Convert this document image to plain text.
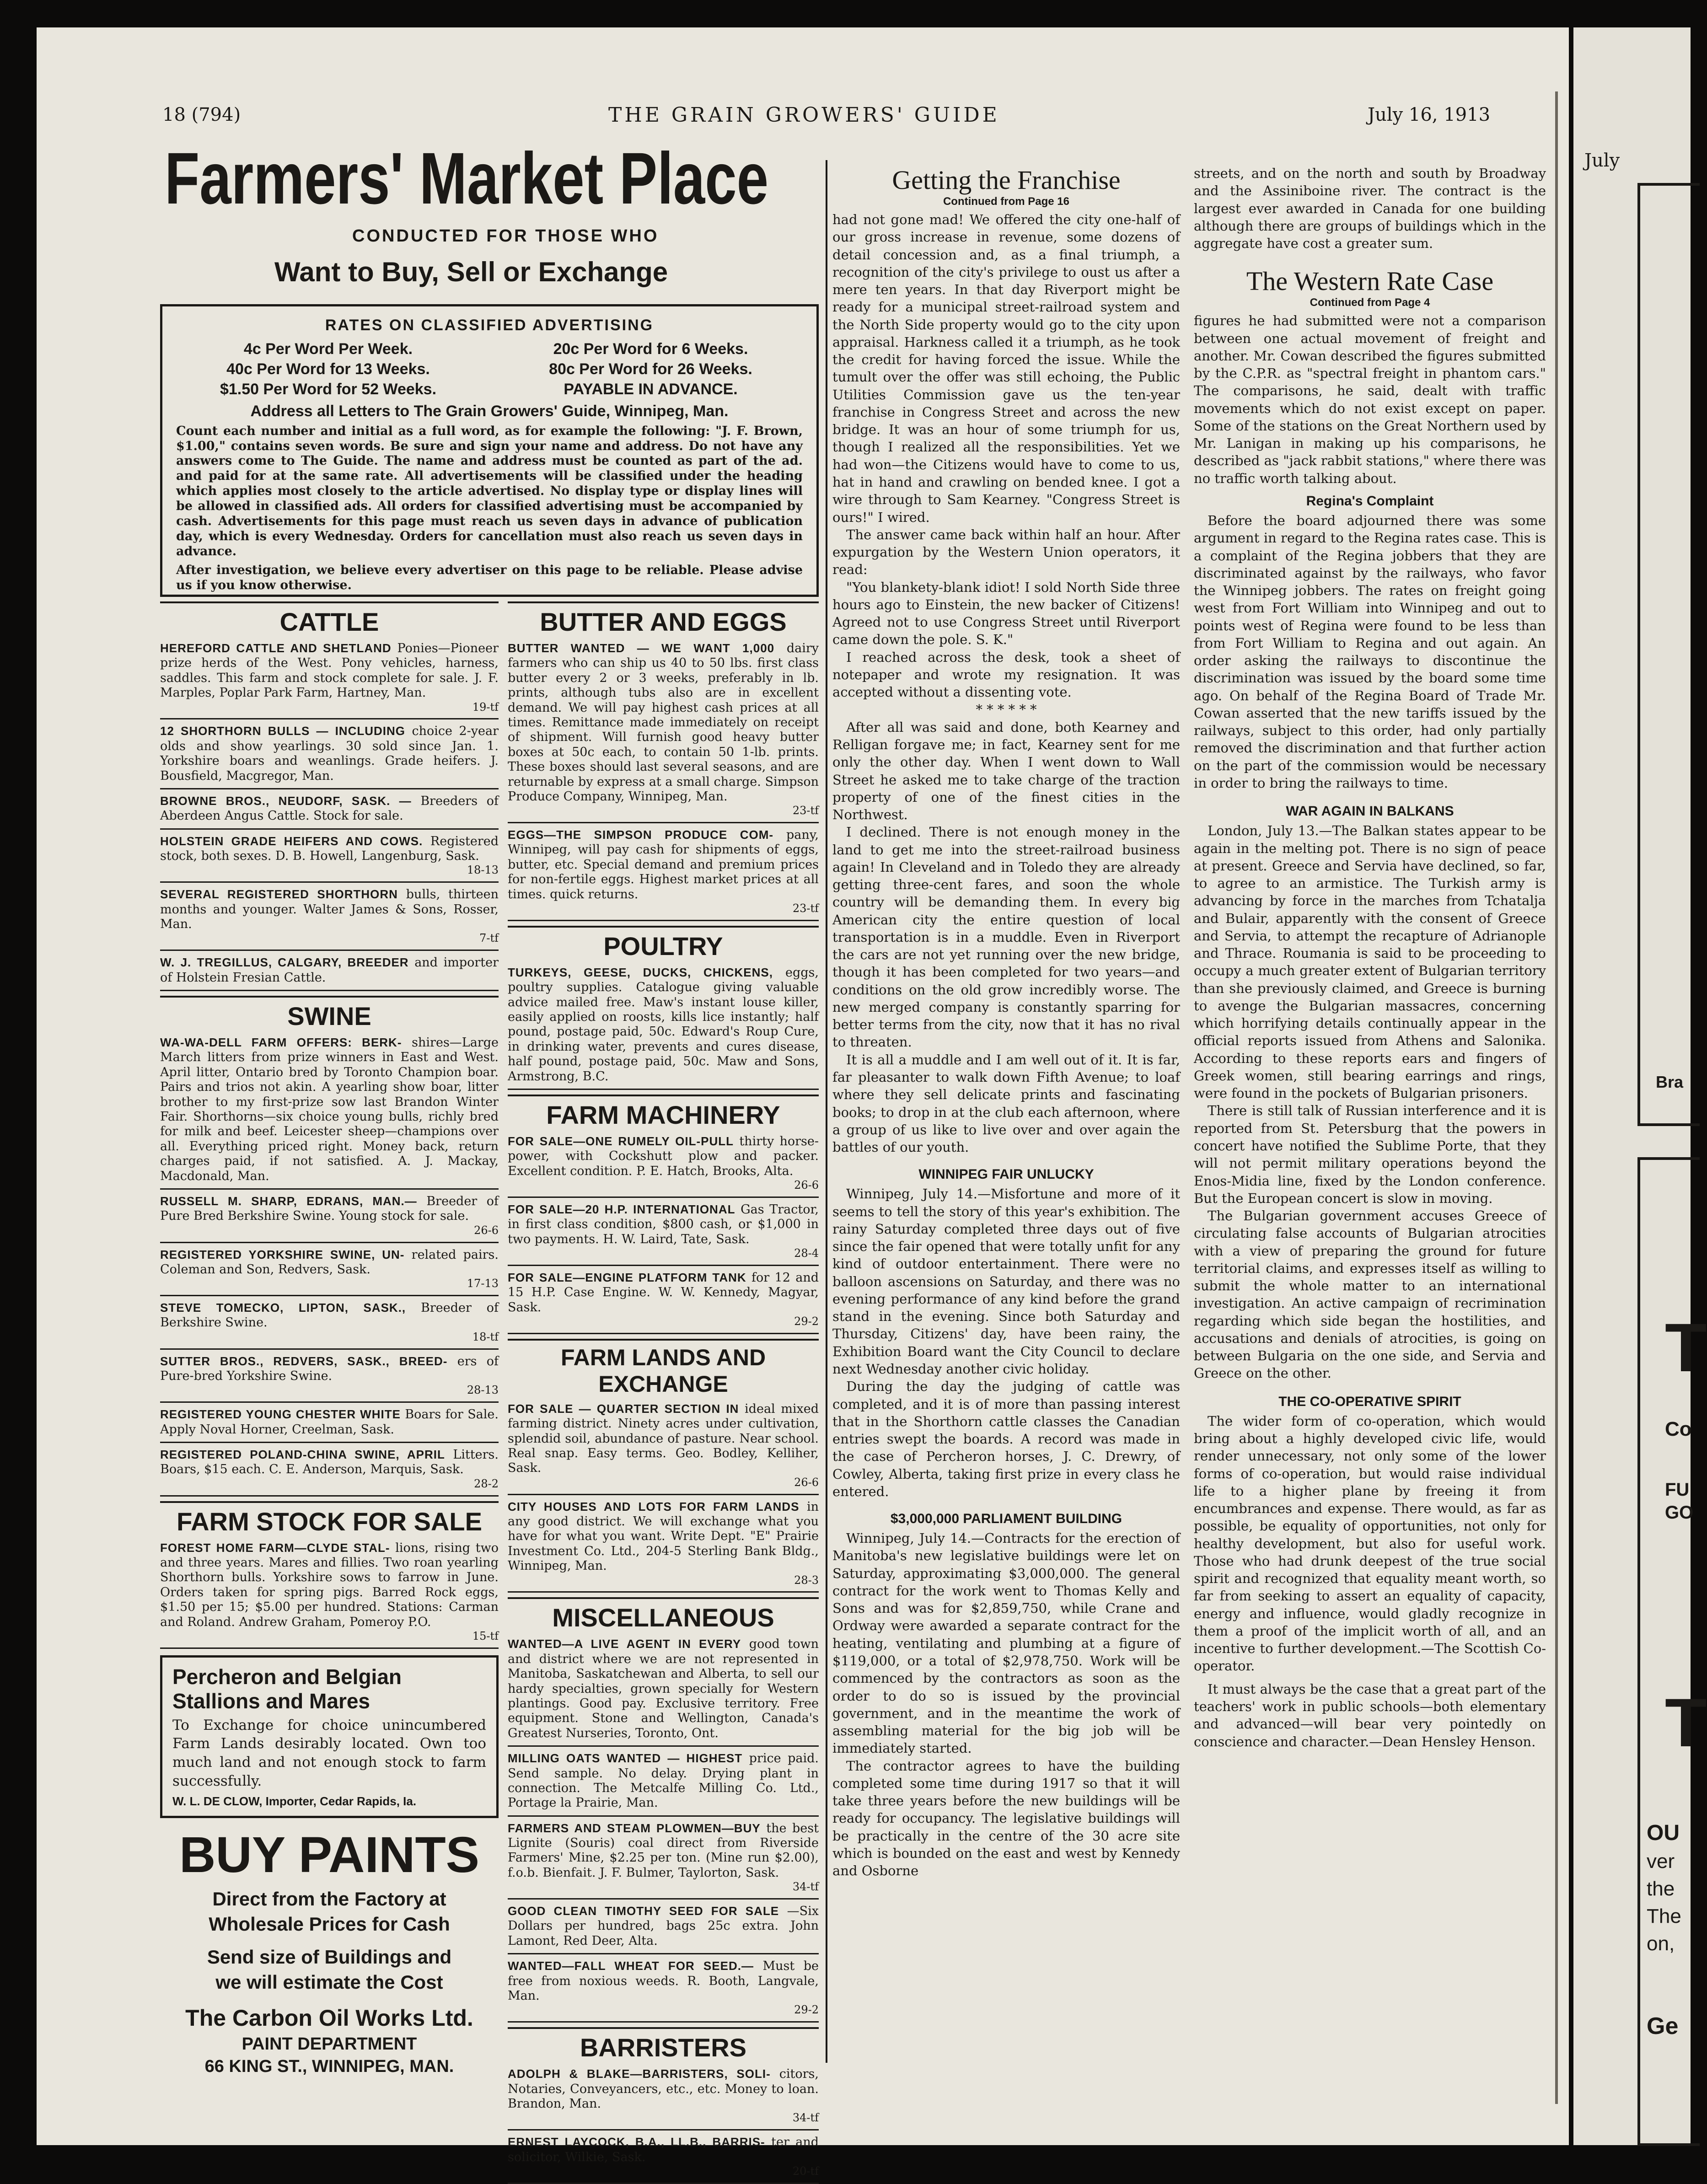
18 (794)	THE GRAIN GROWERS' GUIDE	July 16, 1913
Farmers' Market Place
CONDUCTED FOR THOSE WHO
Want to Buy, Sell or Exchange
RATES ON CLASSIFIED ADVERTISING
4c Per Word Per Week.	20c Per Word for 6 Weeks.
40c Per Word for 13 Weeks.	80c Per Word for 26 Weeks.
$1.50 Per Word for 52 Weeks.	PAYABLE IN ADVANCE.
Address all Letters to The Grain Growers' Guide, Winnipeg, Man.
Count each number and initial as a full word, as for example the following: "J. F. Brown, $1.00," contains seven words. Be sure and sign your name and address. Do not have any answers come to The Guide. The name and address must be counted as part of the ad. and paid for at the same rate. All advertisements will be classified under the heading which applies most closely to the article advertised. No display type or display lines will be allowed in classified ads. All orders for classified advertising must be accompanied by cash. Advertisements for this page must reach us seven days in advance of publication day, which is every Wednesday. Orders for cancellation must also reach us seven days in advance.
After investigation, we believe every advertiser on this page to be reliable. Please advise us if you know otherwise.
CATTLE
HEREFORD CATTLE AND SHETLAND Ponies—Pioneer prize herds of the West. Pony vehicles, harness, saddles. This farm and stock complete for sale. J. F. Marples, Poplar Park Farm, Hartney, Man.
19-tf
12 SHORTHORN BULLS — INCLUDING choice 2-year olds and show yearlings. 30 sold since Jan. 1. Yorkshire boars and weanlings. Grade heifers. J. Bousfield, Macgregor, Man.
BROWNE BROS., NEUDORF, SASK. — Breeders of Aberdeen Angus Cattle. Stock for sale.
HOLSTEIN GRADE HEIFERS AND COWS. Registered stock, both sexes. D. B. Howell, Langenburg, Sask.
18-13
SEVERAL REGISTERED SHORTHORN bulls, thirteen months and younger. Walter James & Sons, Rosser, Man.
7-tf
W. J. TREGILLUS, CALGARY, BREEDER and importer of Holstein Fresian Cattle.
SWINE
WA-WA-DELL FARM OFFERS: BERK- shires—Large March litters from prize winners in East and West. April litter, Ontario bred by Toronto Champion boar. Pairs and trios not akin. A yearling show boar, litter brother to my first-prize sow last Brandon Winter Fair. Shorthorns—six choice young bulls, richly bred for milk and beef. Leicester sheep—champions over all. Everything priced right. Money back, return charges paid, if not satisfied. A. J. Mackay, Macdonald, Man.
RUSSELL M. SHARP, EDRANS, MAN.— Breeder of Pure Bred Berkshire Swine. Young stock for sale.
26-6
REGISTERED YORKSHIRE SWINE, UN- related pairs. Coleman and Son, Redvers, Sask.
17-13
STEVE TOMECKO, LIPTON, SASK., Breeder of Berkshire Swine.
18-tf
SUTTER BROS., REDVERS, SASK., BREED- ers of Pure-bred Yorkshire Swine.
28-13
REGISTERED YOUNG CHESTER WHITE Boars for Sale. Apply Noval Horner, Creelman, Sask.
REGISTERED POLAND-CHINA SWINE, APRIL Litters. Boars, $15 each. C. E. Anderson, Marquis, Sask.
28-2
FARM STOCK FOR SALE
FOREST HOME FARM—CLYDE STAL- lions, rising two and three years. Mares and fillies. Two roan yearling Shorthorn bulls. Yorkshire sows to farrow in June. Orders taken for spring pigs. Barred Rock eggs, $1.50 per 15; $5.00 per hundred. Stations: Carman and Roland. Andrew Graham, Pomeroy P.O.
15-tf
Percheron and Belgian Stallions and Mares
To Exchange for choice unincumbered Farm Lands desirably located. Own too much land and not enough stock to farm successfully.
W. L. DE CLOW, Importer, Cedar Rapids, Ia.
BUY PAINTS
Direct from the Factory at
Wholesale Prices for Cash
Send size of Buildings and
we will estimate the Cost
The Carbon Oil Works Ltd.
PAINT DEPARTMENT
66 KING ST., WINNIPEG, MAN.
BUTTER AND EGGS
BUTTER WANTED — WE WANT 1,000 dairy farmers who can ship us 40 to 50 lbs. first class butter every 2 or 3 weeks, preferably in lb. prints, although tubs also are in excellent demand. We will pay highest cash prices at all times. Remittance made immediately on receipt of shipment. Will furnish good heavy butter boxes at 50c each, to contain 50 1-lb. prints. These boxes should last several seasons, and are returnable by express at a small charge. Simpson Produce Company, Winnipeg, Man.
23-tf
EGGS—THE SIMPSON PRODUCE COM- pany, Winnipeg, will pay cash for shipments of eggs, butter, etc. Special demand and premium prices for non-fertile eggs. Highest market prices at all times. quick returns.
23-tf
POULTRY
TURKEYS, GEESE, DUCKS, CHICKENS, eggs, poultry supplies. Catalogue giving valuable advice mailed free. Maw's instant louse killer, easily applied on roosts, kills lice instantly; half pound, postage paid, 50c. Edward's Roup Cure, in drinking water, prevents and cures disease, half pound, postage paid, 50c. Maw and Sons, Armstrong, B.C.
FARM MACHINERY
FOR SALE—ONE RUMELY OIL-PULL thirty horse-power, with Cockshutt plow and packer. Excellent condition. P. E. Hatch, Brooks, Alta.
26-6
FOR SALE—20 H.P. INTERNATIONAL Gas Tractor, in first class condition, $800 cash, or $1,000 in two payments. H. W. Laird, Tate, Sask.
28-4
FOR SALE—ENGINE PLATFORM TANK for 12 and 15 H.P. Case Engine. W. W. Kennedy, Magyar, Sask.
29-2
FARM LANDS AND EXCHANGE
FOR SALE — QUARTER SECTION IN ideal mixed farming district. Ninety acres under cultivation, splendid soil, abundance of pasture. Near school. Real snap. Easy terms. Geo. Bodley, Kelliher, Sask.
26-6
CITY HOUSES AND LOTS FOR FARM LANDS in any good district. We will exchange what you have for what you want. Write Dept. "E" Prairie Investment Co. Ltd., 204-5 Sterling Bank Bldg., Winnipeg, Man.
28-3
MISCELLANEOUS
WANTED—A LIVE AGENT IN EVERY good town and district where we are not represented in Manitoba, Saskatchewan and Alberta, to sell our hardy specialties, grown specially for Western plantings. Good pay. Exclusive territory. Free equipment. Stone and Wellington, Canada's Greatest Nurseries, Toronto, Ont.
MILLING OATS WANTED — HIGHEST price paid. Send sample. No delay. Drying plant in connection. The Metcalfe Milling Co. Ltd., Portage la Prairie, Man.
FARMERS AND STEAM PLOWMEN—BUY the best Lignite (Souris) coal direct from Riverside Farmers' Mine, $2.25 per ton. (Mine run $2.00), f.o.b. Bienfait. J. F. Bulmer, Taylorton, Sask.
34-tf
GOOD CLEAN TIMOTHY SEED FOR SALE —Six Dollars per hundred, bags 25c extra. John Lamont, Red Deer, Alta.
WANTED—FALL WHEAT FOR SEED.— Must be free from noxious weeds. R. Booth, Langvale, Man.
29-2
BARRISTERS
ADOLPH & BLAKE—BARRISTERS, SOLI- citors, Notaries, Conveyancers, etc., etc. Money to loan. Brandon, Man.
34-tf
ERNEST LAYCOCK, B.A., LL.B., BARRIS- ter and solicitor, Wilkie, Sask.
20-tf
Getting the Franchise
Continued from Page 16
had not gone mad! We offered the city one-half of our gross increase in revenue, some dozens of detail concession and, as a final triumph, a recognition of the city's privilege to oust us after a mere ten years. In that day Riverport might be ready for a municipal street-railroad system and the North Side property would go to the city upon appraisal. Harkness called it a triumph, as he took the credit for having forced the issue. While the tumult over the offer was still echoing, the Public Utilities Commission gave us the ten-year franchise in Congress Street and across the new bridge. It was an hour of some triumph for us, though I realized all the responsibilities. Yet we had won—the Citizens would have to come to us, hat in hand and crawling on bended knee. I got a wire through to Sam Kearney. "Congress Street is ours!" I wired.
The answer came back within half an hour. After expurgation by the Western Union operators, it read:
"You blankety-blank idiot! I sold North Side three hours ago to Einstein, the new backer of Citizens! Agreed not to use Congress Street until Riverport came down the pole. S. K."
I reached across the desk, took a sheet of notepaper and wrote my resignation. It was accepted without a dissenting vote.
* * * * * *
After all was said and done, both Kearney and Relligan forgave me; in fact, Kearney sent for me only the other day. When I went down to Wall Street he asked me to take charge of the traction property of one of the finest cities in the Northwest.
I declined. There is not enough money in the land to get me into the street-railroad business again! In Cleveland and in Toledo they are already getting three-cent fares, and soon the whole country will be demanding them. In every big American city the entire question of local transportation is in a muddle. Even in Riverport the cars are not yet running over the new bridge, though it has been completed for two years—and conditions on the old grow incredibly worse. The new merged company is constantly sparring for better terms from the city, now that it has no rival to threaten.
It is all a muddle and I am well out of it. It is far, far pleasanter to walk down Fifth Avenue; to loaf where they sell delicate prints and fascinating books; to drop in at the club each afternoon, where a group of us like to live over and over again the battles of our youth.
WINNIPEG FAIR UNLUCKY
Winnipeg, July 14.—Misfortune and more of it seems to tell the story of this year's exhibition. The rainy Saturday completed three days out of five since the fair opened that were totally unfit for any kind of outdoor entertainment. There were no balloon ascensions on Saturday, and there was no evening performance of any kind before the grand stand in the evening. Since both Saturday and Thursday, Citizens' day, have been rainy, the Exhibition Board want the City Council to declare next Wednesday another civic holiday.
During the day the judging of cattle was completed, and it is of more than passing interest that in the Shorthorn cattle classes the Canadian entries swept the boards. A record was made in the case of Percheron horses, J. C. Drewry, of Cowley, Alberta, taking first prize in every class he entered.
$3,000,000 PARLIAMENT BUILDING
Winnipeg, July 14.—Contracts for the erection of Manitoba's new legislative buildings were let on Saturday, approximating $3,000,000. The general contract for the work went to Thomas Kelly and Sons and was for $2,859,750, while Crane and Ordway were awarded a separate contract for the heating, ventilating and plumbing at a figure of $119,000, or a total of $2,978,750. Work will be commenced by the contractors as soon as the order to do so is issued by the provincial government, and in the meantime the work of assembling material for the big job will be immediately started.
The contractor agrees to have the building completed some time during 1917 so that it will take three years before the new buildings will be ready for occupancy. The legislative buildings will be practically in the centre of the 30 acre site which is bounded on the east and west by Kennedy and Osborne
streets, and on the north and south by Broadway and the Assiniboine river. The contract is the largest ever awarded in Canada for one building although there are groups of buildings which in the aggregate have cost a greater sum.
The Western Rate Case
Continued from Page 4
figures he had submitted were not a comparison between one actual movement of freight and another. Mr. Cowan described the figures submitted by the C.P.R. as "spectral freight in phantom cars." The comparisons, he said, dealt with traffic movements which do not exist except on paper. Some of the stations on the Great Northern used by Mr. Lanigan in making up his comparisons, he described as "jack rabbit stations," where there was no traffic worth talking about.
Regina's Complaint
Before the board adjourned there was some argument in regard to the Regina rates case. This is a complaint of the Regina jobbers that they are discriminated against by the railways, who favor the Winnipeg jobbers. The rates on freight going west from Fort William into Winnipeg and out to points west of Regina were found to be less than from Fort William to Regina and out again. An order asking the railways to discontinue the discrimination was issued by the board some time ago. On behalf of the Regina Board of Trade Mr. Cowan asserted that the new tariffs issued by the railways, subject to this order, had only partially removed the discrimination and that further action on the part of the commission would be necessary in order to bring the railways to time.
WAR AGAIN IN BALKANS
London, July 13.—The Balkan states appear to be again in the melting pot. There is no sign of peace at present. Greece and Servia have declined, so far, to agree to an armistice. The Turkish army is advancing by force in the marches from Tchatalja and Bulair, apparently with the consent of Greece and Servia, to attempt the recapture of Adrianople and Thrace. Roumania is said to be proceeding to occupy a much greater extent of Bulgarian territory than she previously claimed, and Greece is burning to avenge the Bulgarian massacres, concerning which horrifying details continually appear in the official reports issued from Athens and Salonika. According to these reports ears and fingers of Greek women, still bearing earrings and rings, were found in the pockets of Bulgarian prisoners.
There is still talk of Russian interference and it is reported from St. Petersburg that the powers in concert have notified the Sublime Porte, that they will not permit military operations beyond the Enos-Midia line, fixed by the London conference. But the European concert is slow in moving.
The Bulgarian government accuses Greece of circulating false accounts of Bulgarian atrocities with a view of preparing the ground for future territorial claims, and expresses itself as willing to submit the whole matter to an international investigation. An active campaign of recrimination regarding which side began the hostilities, and accusations and denials of atrocities, is going on between Bulgaria on the one side, and Servia and Greece on the other.
THE CO-OPERATIVE SPIRIT
The wider form of co-operation, which would bring about a highly developed civic life, would render unnecessary, not only some of the lower forms of co-operation, but would raise individual life to a higher plane by freeing it from encumbrances and expense. There would, as far as possible, be equality of opportunities, not only for healthy development, but also for useful work. Those who had drunk deepest of the true social spirit and recognized that equality meant worth, so far from seeking to assert an equality of capacity, energy and influence, would gladly recognize in them a proof of the implicit worth of all, and an incentive to further development.—The Scottish Co-operator.
It must always be the case that a great part of the teachers' work in public schools—both elementary and advanced—will bear very pointedly on conscience and character.—Dean Hensley Henson.
July
Bra
T
Co
FU
GO
T
OU
ver
the
The
on,
Ge
